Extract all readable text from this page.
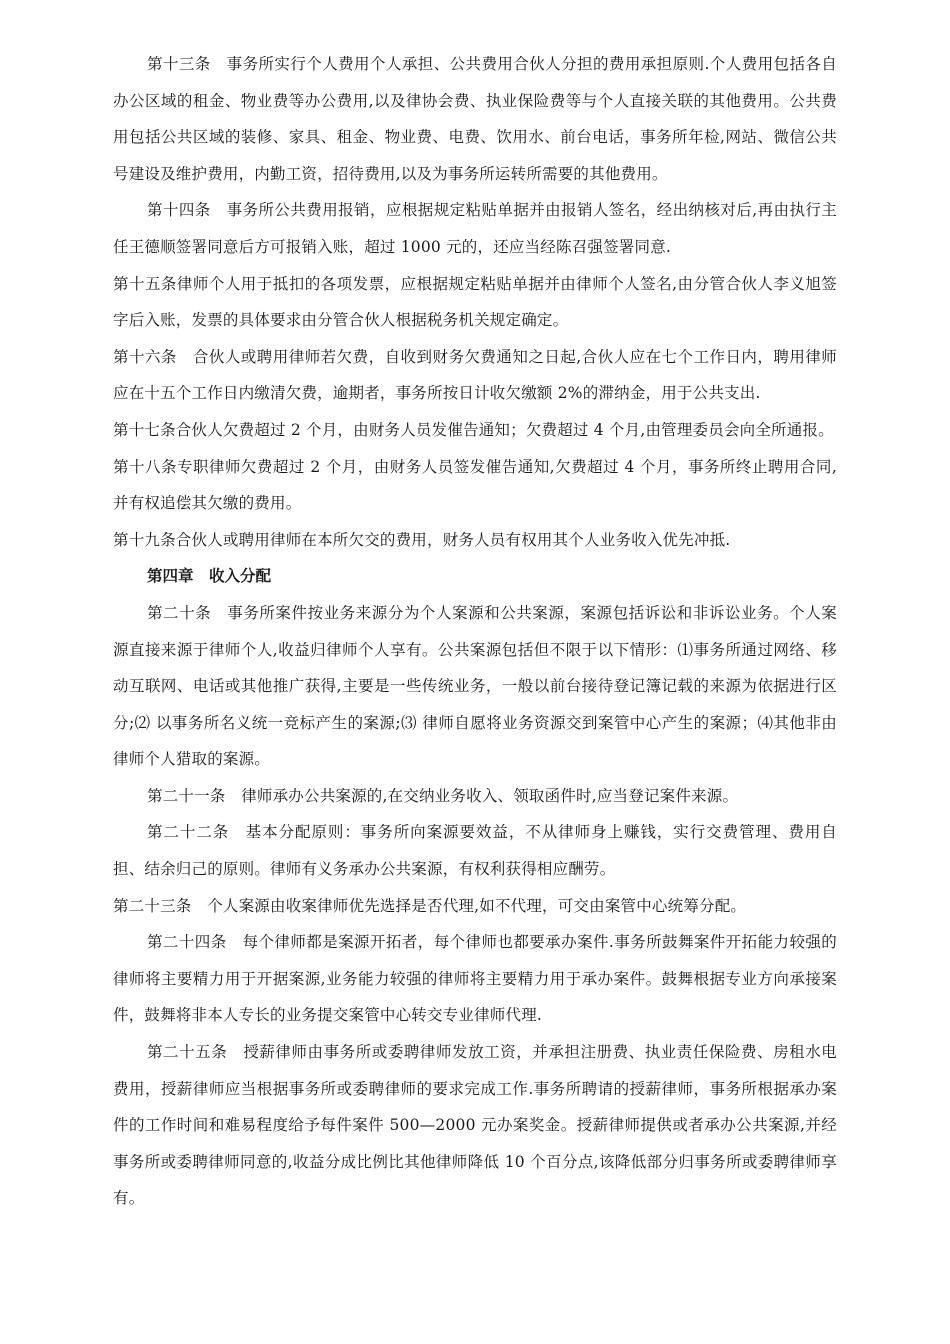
第十三条　事务所实行个人费用个人承担、公共费用合伙人分担的费用承担原则.个人费用包括各自办公区域的租金、物业费等办公费用,以及律协会费、执业保险费等与个人直接关联的其他费用。公共费用包括公共区域的装修、家具、租金、物业费、电费、饮用水、前台电话，事务所年检,网站、微信公共号建设及维护费用，内勤工资，招待费用,以及为事务所运转所需要的其他费用。

第十四条　事务所公共费用报销，应根据规定粘贴单据并由报销人签名，经出纳核对后,再由执行主任王德顺签署同意后方可报销入账，超过 1000 元的，还应当经陈召强签署同意.

第十五条律师个人用于抵扣的各项发票，应根据规定粘贴单据并由律师个人签名,由分管合伙人李义旭签字后入账，发票的具体要求由分管合伙人根据税务机关规定确定。

第十六条　合伙人或聘用律师若欠费，自收到财务欠费通知之日起,合伙人应在七个工作日内，聘用律师应在十五个工作日内缴清欠费，逾期者，事务所按日计收欠缴额 2%的滞纳金，用于公共支出.

第十七条合伙人欠费超过 2 个月，由财务人员发催告通知；欠费超过 4 个月,由管理委员会向全所通报。

第十八条专职律师欠费超过 2 个月，由财务人员签发催告通知,欠费超过 4 个月，事务所终止聘用合同,并有权追偿其欠缴的费用。

第十九条合伙人或聘用律师在本所欠交的费用，财务人员有权用其个人业务收入优先冲抵.

第四章　收入分配

第二十条　事务所案件按业务来源分为个人案源和公共案源，案源包括诉讼和非诉讼业务。个人案源直接来源于律师个人,收益归律师个人享有。公共案源包括但不限于以下情形：⑴事务所通过网络、移动互联网、电话或其他推广获得,主要是一些传统业务，一般以前台接待登记簿记载的来源为依据进行区分;⑵ 以事务所名义统一竞标产生的案源;⑶ 律师自愿将业务资源交到案管中心产生的案源；⑷其他非由律师个人猎取的案源。

第二十一条　律师承办公共案源的,在交纳业务收入、领取函件时,应当登记案件来源。

第二十二条　基本分配原则：事务所向案源要效益，不从律师身上赚钱，实行交费管理、费用自担、结余归己的原则。律师有义务承办公共案源，有权利获得相应酬劳。

第二十三条　个人案源由收案律师优先选择是否代理,如不代理，可交由案管中心统筹分配。

第二十四条　每个律师都是案源开拓者，每个律师也都要承办案件.事务所鼓舞案件开拓能力较强的律师将主要精力用于开据案源,业务能力较强的律师将主要精力用于承办案件。鼓舞根据专业方向承接案件，鼓舞将非本人专长的业务提交案管中心转交专业律师代理.

第二十五条　授薪律师由事务所或委聘律师发放工资，并承担注册费、执业责任保险费、房租水电费用，授薪律师应当根据事务所或委聘律师的要求完成工作.事务所聘请的授薪律师，事务所根据承办案件的工作时间和难易程度给予每件案件 500—2000 元办案奖金。授薪律师提供或者承办公共案源,并经事务所或委聘律师同意的,收益分成比例比其他律师降低 10 个百分点,该降低部分归事务所或委聘律师享有。
